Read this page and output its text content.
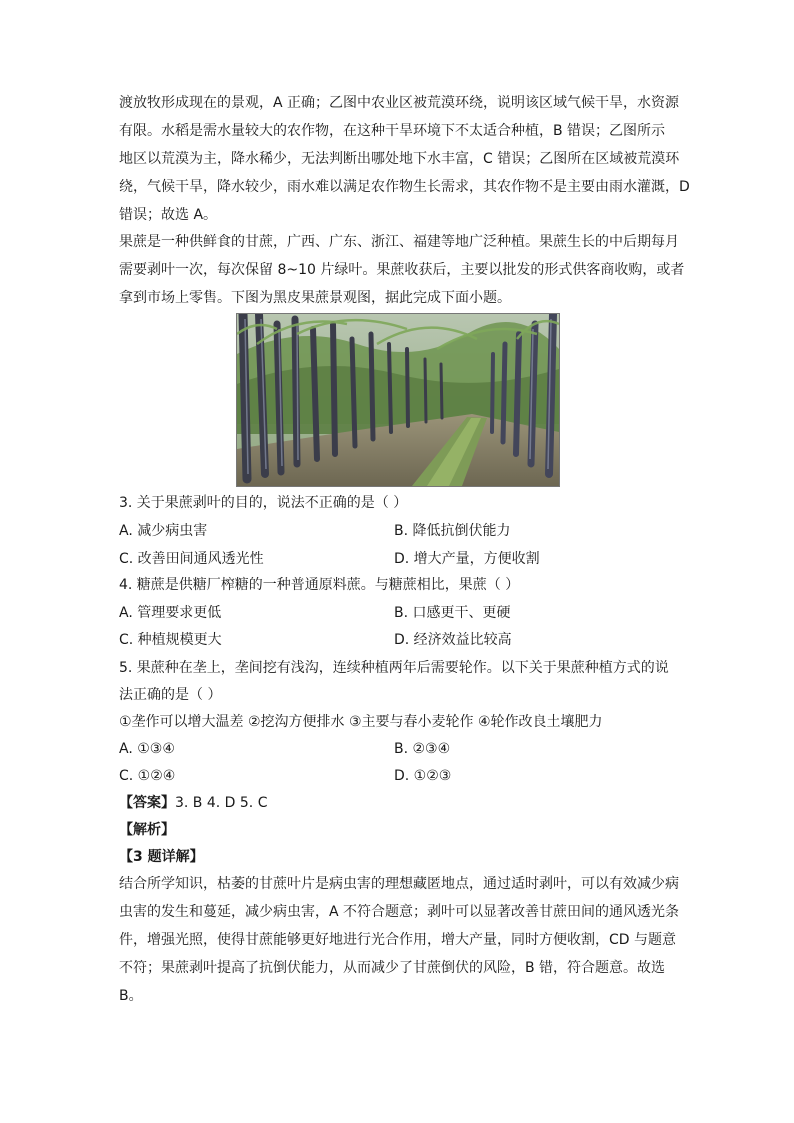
渡放牧形成现在的景观，A 正确；乙图中农业区被荒漠环绕，说明该区域气候干旱，水资源

有限。水稻是需水量较大的农作物，在这种干旱环境下不太适合种植，B 错误；乙图所示

地区以荒漠为主，降水稀少，无法判断出哪处地下水丰富，C 错误；乙图所在区域被荒漠环

绕，气候干旱，降水较少，雨水难以满足农作物生长需求，其农作物不是主要由雨水灌溉，D

错误；故选 A。

果蔗是一种供鲜食的甘蔗，广西、广东、浙江、福建等地广泛种植。果蔗生长的中后期每月

需要剥叶一次，每次保留 8~10 片绿叶。果蔗收获后，主要以批发的形式供客商收购，或者

拿到市场上零售。下图为黑皮果蔗景观图，据此完成下面小题。

3. 关于果蔗剥叶的目的，说法不正确的是（ ）
A. 减少病虫害	B. 降低抗倒伏能力
C. 改善田间通风透光性	D. 增大产量，方便收割
4. 糖蔗是供糖厂榨糖的一种普通原料蔗。与糖蔗相比，果蔗（ ）
A. 管理要求更低	B. 口感更干、更硬
C. 种植规模更大	D. 经济效益比较高
5. 果蔗种在垄上，垄间挖有浅沟，连续种植两年后需要轮作。以下关于果蔗种植方式的说
法正确的是（ ）
①垄作可以增大温差 ②挖沟方便排水 ③主要与春小麦轮作 ④轮作改良土壤肥力
A. ①③④	B. ②③④
C. ①②④	D. ①②③
【答案】3. B 4. D 5. C
【解析】
【3 题详解】

结合所学知识，枯萎的甘蔗叶片是病虫害的理想藏匿地点，通过适时剥叶，可以有效减少病

虫害的发生和蔓延，减少病虫害，A 不符合题意；剥叶可以显著改善甘蔗田间的通风透光条

件，增强光照，使得甘蔗能够更好地进行光合作用，增大产量，同时方便收割，CD 与题意

不符；果蔗剥叶提高了抗倒伏能力，从而减少了甘蔗倒伏的风险，B 错，符合题意。故选

B。
